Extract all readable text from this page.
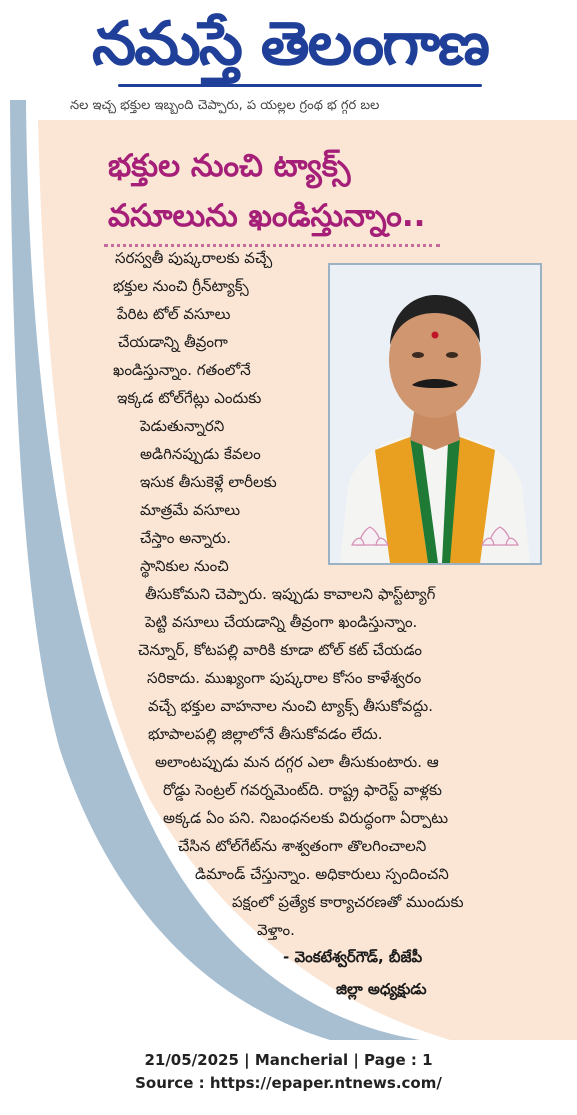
నమస్తే తెలంగాణ
నల ఇచ్చ భక్తుల ఇబ్బంది చెప్పారు, ప యల్లల గ్రంథ భ గ్గర బల
భక్తుల నుంచి ట్యాక్స్
వసూలును ఖండిస్తున్నాం..
సరస్వతీ పుష్కరాలకు వచ్చే
భక్తుల నుంచి గ్రీన్‌ట్యాక్స్
పేరిట టోల్ వసూలు
చేయడాన్ని తీవ్రంగా
ఖండిస్తున్నాం. గతంలోనే
ఇక్కడ టోల్‌గేట్లు ఎందుకు
పెడుతున్నారని
అడిగినప్పుడు కేవలం
ఇసుక తీసుకెళ్లే లారీలకు
మాత్రమే వసూలు
చేస్తాం అన్నారు.
స్థానికుల నుంచి
తీసుకోమని చెప్పారు. ఇప్పుడు కావాలని ఫాస్ట్‌ట్యాగ్
పెట్టి వసూలు చేయడాన్ని తీవ్రంగా ఖండిస్తున్నాం.
చెన్నూర్, కోటపల్లి వారికి కూడా టోల్ కట్ చేయడం
సరికాదు. ముఖ్యంగా పుష్కరాల కోసం కాళేశ్వరం
వచ్చే భక్తుల వాహనాల నుంచి ట్యాక్స్ తీసుకోవద్దు.
భూపాలపల్లి జిల్లాలోనే తీసుకోవడం లేదు.
అలాంటప్పుడు మన దగ్గర ఎలా తీసుకుంటారు. ఆ
రోడ్డు సెంట్రల్ గవర్నమెంట్‌ది. రాష్ట్ర ఫారెస్ట్ వాళ్లకు
అక్కడ ఏం పని. నిబంధనలకు విరుద్ధంగా ఏర్పాటు
చేసిన టోల్‌గేట్‌ను శాశ్వతంగా తొలగించాలని
డిమాండ్ చేస్తున్నాం. అధికారులు స్పందించని
పక్షంలో ప్రత్యేక కార్యాచరణతో ముందుకు
వెళ్తాం.
- వెంకటేశ్వర్‌గౌడ్, బీజేపీ
జిల్లా అధ్యక్షుడు
21/05/2025 | Mancherial | Page : 1
Source : https://epaper.ntnews.com/
